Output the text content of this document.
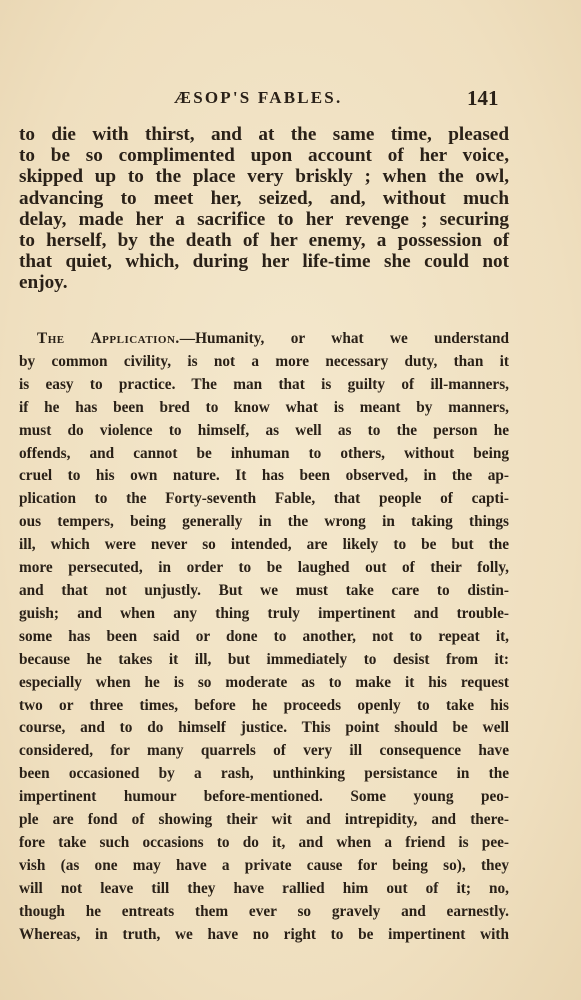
ÆSOP'S FABLES.	141
to die with thirst, and at the same time, pleased
to be so complimented upon account of her voice,
skipped up to the place very briskly ; when the owl,
advancing to meet her, seized, and, without much
delay, made her a sacrifice to her revenge ; securing
to herself, by the death of her enemy, a possession of
that quiet, which, during her life-time she could not
enjoy.
The Application.—Humanity, or what we understand
by common civility, is not a more necessary duty, than it
is easy to practice. The man that is guilty of ill-manners,
if he has been bred to know what is meant by manners,
must do violence to himself, as well as to the person he
offends, and cannot be inhuman to others, without being
cruel to his own nature. It has been observed, in the ap-
plication to the Forty-seventh Fable, that people of capti-
ous tempers, being generally in the wrong in taking things
ill, which were never so intended, are likely to be but the
more persecuted, in order to be laughed out of their folly,
and that not unjustly. But we must take care to distin-
guish; and when any thing truly impertinent and trouble-
some has been said or done to another, not to repeat it,
because he takes it ill, but immediately to desist from it:
especially when he is so moderate as to make it his request
two or three times, before he proceeds openly to take his
course, and to do himself justice. This point should be well
considered, for many quarrels of very ill consequence have
been occasioned by a rash, unthinking persistance in the
impertinent humour before-mentioned. Some young peo-
ple are fond of showing their wit and intrepidity, and there-
fore take such occasions to do it, and when a friend is pee-
vish (as one may have a private cause for being so), they
will not leave till they have rallied him out of it; no,
though he entreats them ever so gravely and earnestly.
Whereas, in truth, we have no right to be impertinent with
